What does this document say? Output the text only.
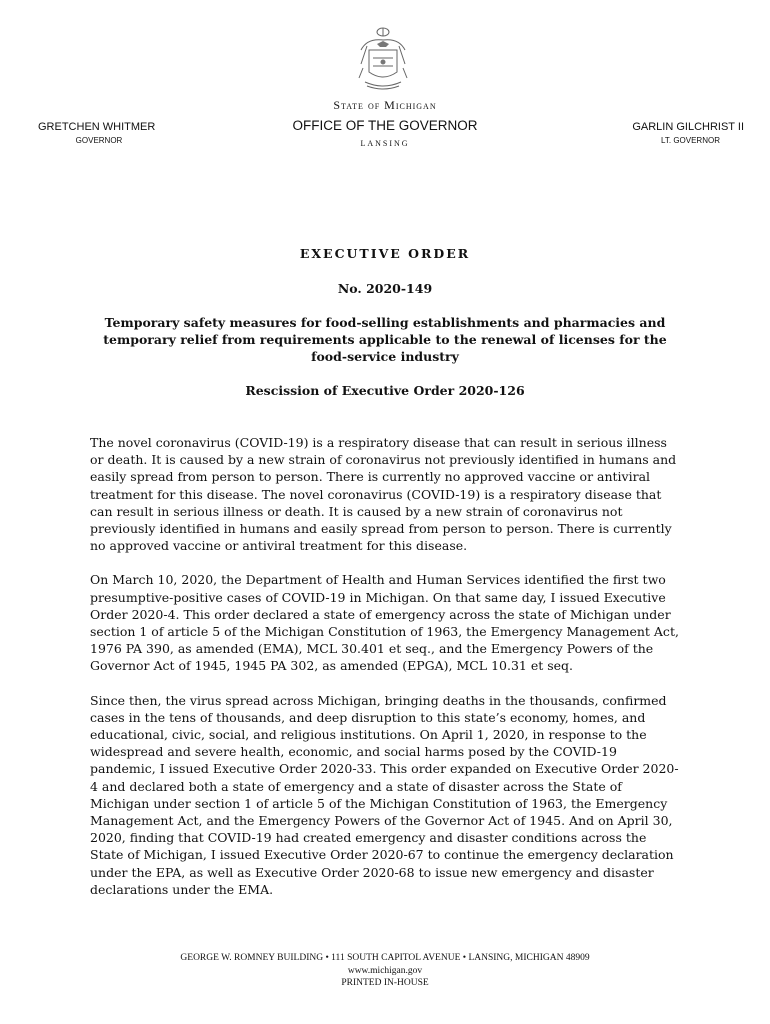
State of Michigan
OFFICE OF THE GOVERNOR
LANSING
GRETCHEN WHITMER
GOVERNOR
GARLIN GILCHRIST II
LT. GOVERNOR
EXECUTIVE ORDER
No. 2020-149
Temporary safety measures for food-selling establishments and pharmacies and temporary relief from requirements applicable to the renewal of licenses for the food-service industry
Rescission of Executive Order 2020-126

The novel coronavirus (COVID-19) is a respiratory disease that can result in serious illness or death. It is caused by a new strain of coronavirus not previously identified in humans and easily spread from person to person. There is currently no approved vaccine or antiviral treatment for this disease. The novel coronavirus (COVID-19) is a respiratory disease that can result in serious illness or death. It is caused by a new strain of coronavirus not previously identified in humans and easily spread from person to person. There is currently no approved vaccine or antiviral treatment for this disease.

On March 10, 2020, the Department of Health and Human Services identified the first two presumptive-positive cases of COVID-19 in Michigan. On that same day, I issued Executive Order 2020-4. This order declared a state of emergency across the state of Michigan under section 1 of article 5 of the Michigan Constitution of 1963, the Emergency Management Act, 1976 PA 390, as amended (EMA), MCL 30.401 et seq., and the Emergency Powers of the Governor Act of 1945, 1945 PA 302, as amended (EPGA), MCL 10.31 et seq.

Since then, the virus spread across Michigan, bringing deaths in the thousands, confirmed cases in the tens of thousands, and deep disruption to this state’s economy, homes, and educational, civic, social, and religious institutions. On April 1, 2020, in response to the widespread and severe health, economic, and social harms posed by the COVID-19 pandemic, I issued Executive Order 2020-33. This order expanded on Executive Order 2020-4 and declared both a state of emergency and a state of disaster across the State of Michigan under section 1 of article 5 of the Michigan Constitution of 1963, the Emergency Management Act, and the Emergency Powers of the Governor Act of 1945. And on April 30, 2020, finding that COVID-19 had created emergency and disaster conditions across the State of Michigan, I issued Executive Order 2020-67 to continue the emergency declaration under the EPA, as well as Executive Order 2020-68 to issue new emergency and disaster declarations under the EMA.

GEORGE W. ROMNEY BUILDING • 111 SOUTH CAPITOL AVENUE • LANSING, MICHIGAN 48909
www.michigan.gov
PRINTED IN-HOUSE
